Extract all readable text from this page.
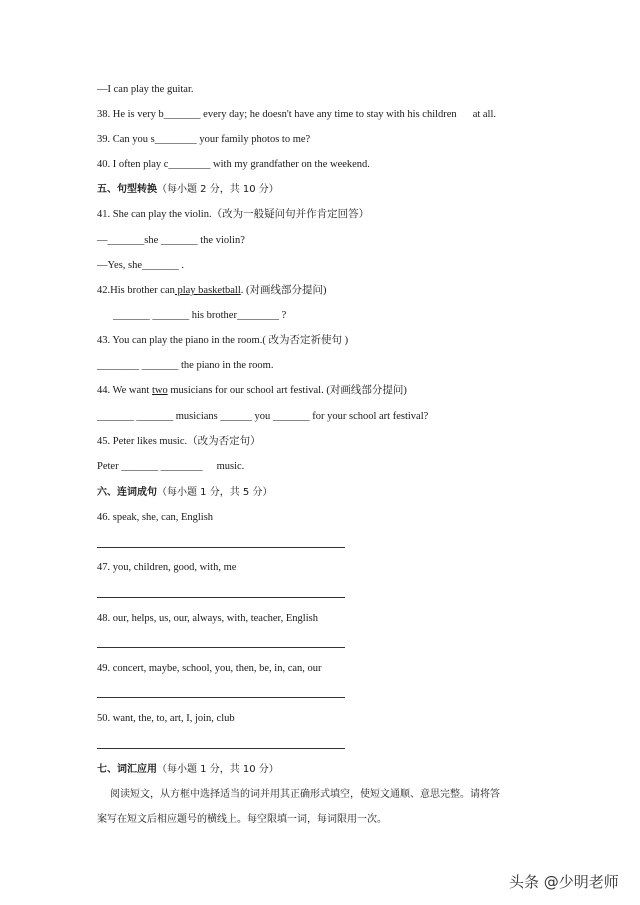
—I can play the guitar.
38. He is very b_______ every day; he doesn't have any time to stay with his children at all.
39. Can you s________ your family photos to me?
40. I often play c________ with my grandfather on the weekend.
五、句型转换（每小题 2 分，共 10 分）
41. She can play the violin.（改为一般疑问句并作肯定回答）
—_______she _______ the violin?
—Yes, she_______ .
42.His brother can play basketball. (对画线部分提问)
_______ _______ his brother________ ?
43. You can play the piano in the room.( 改为否定祈使句 )
________ _______ the piano in the room.
44. We want two musicians for our school art festival. (对画线部分提问)
_______ _______ musicians ______ you _______ for your school art festival?
45. Peter likes music.（改为否定句）
Peter _______ ________ music.
六、连词成句（每小题 1 分，共 5 分）
46. speak, she, can, English
47. you, children, good, with, me
48. our, helps, us, our, always, with, teacher, English
49. concert, maybe, school, you, then, be, in, can, our
50. want, the, to, art, I, join, club
七、词汇应用（每小题 1 分，共 10 分）
阅读短文，从方框中选择适当的词并用其正确形式填空，使短文通顺、意思完整。请将答
案写在短文后相应题号的横线上。每空限填一词，每词限用一次。
头条 @少明老师
